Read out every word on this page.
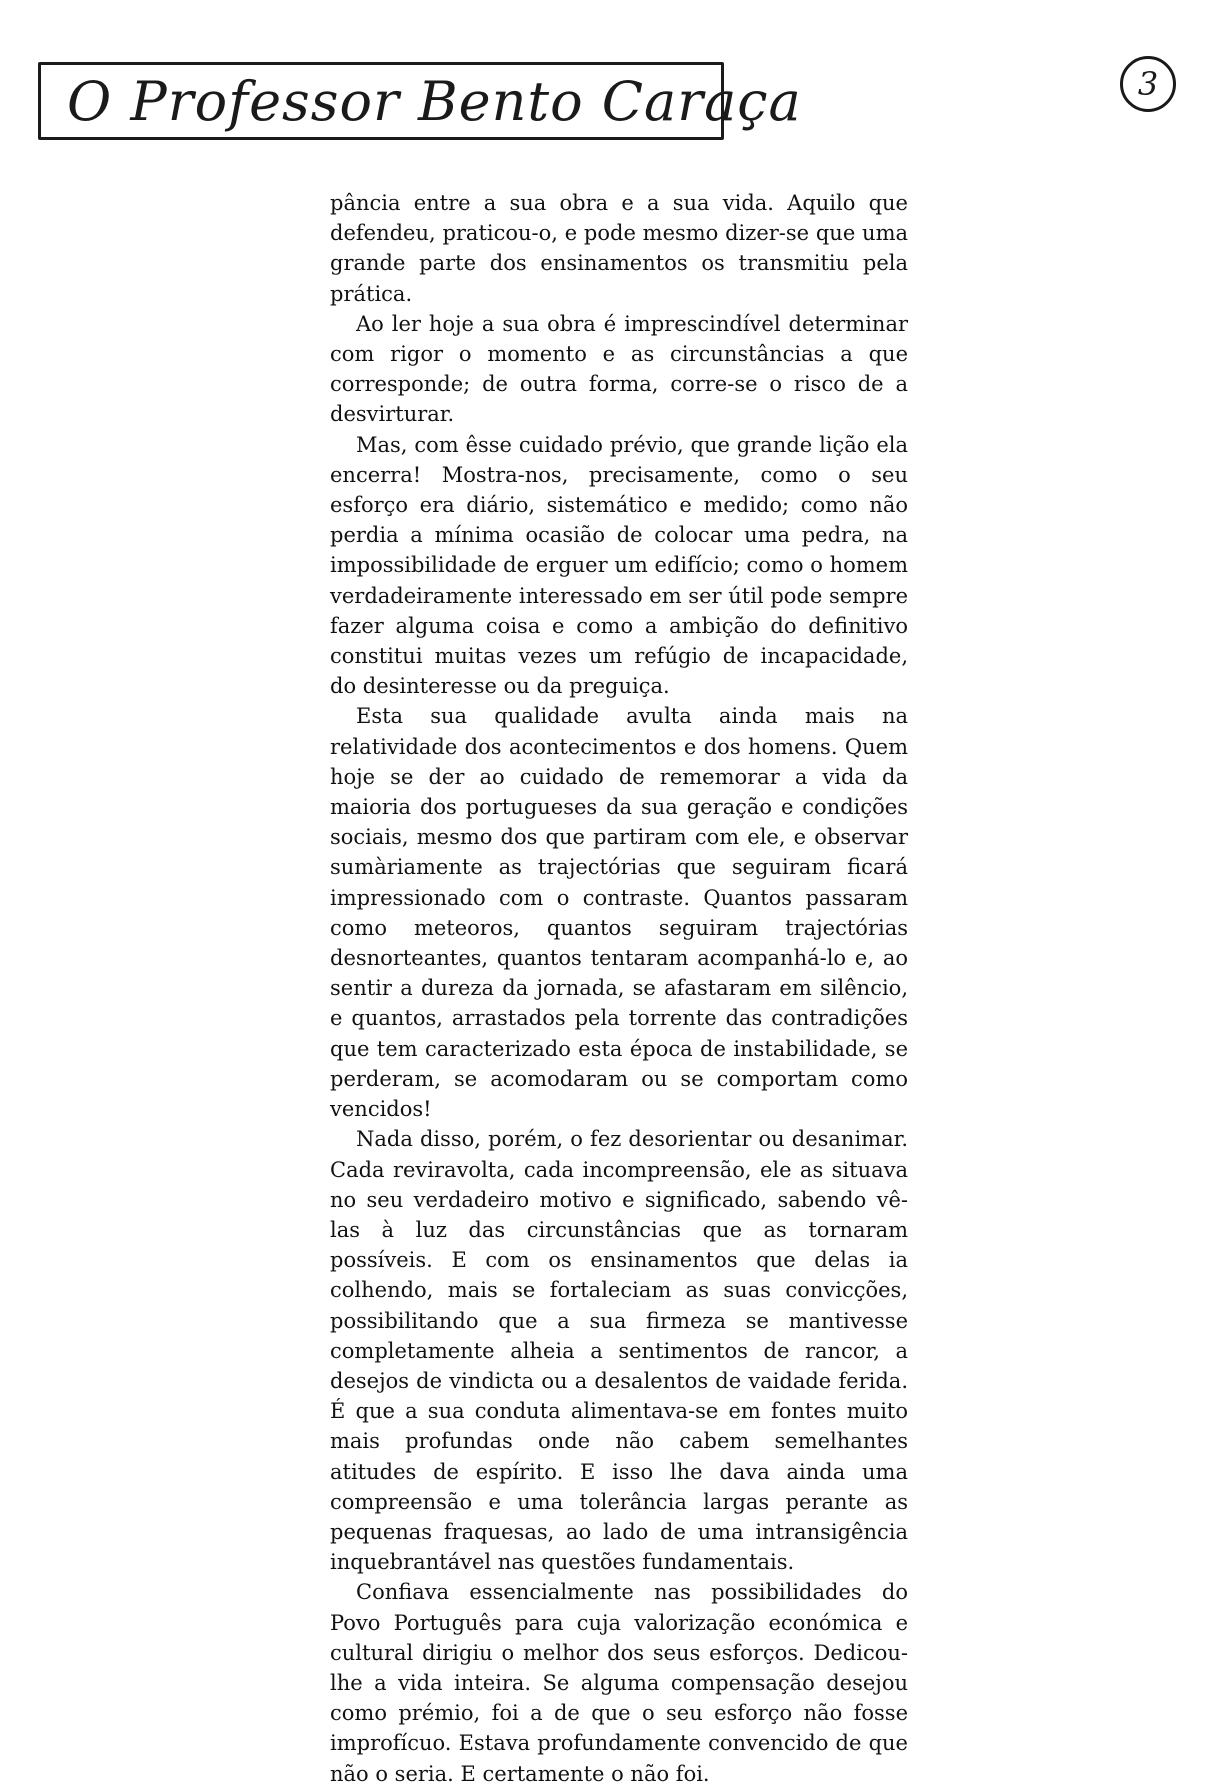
O Professor Bento Caraça	3

pância entre a sua obra e a sua vida. Aquilo que defendeu, praticou-o, e pode mesmo dizer-se que uma grande parte dos ensinamentos os transmitiu pela prática.

Ao ler hoje a sua obra é imprescindível determinar com rigor o momento e as circunstâncias a que corresponde; de outra forma, corre-se o risco de a desvirturar.

Mas, com êsse cuidado prévio, que grande lição ela encerra! Mostra-nos, precisamente, como o seu esforço era diário, sistemático e medido; como não perdia a mínima ocasião de colocar uma pedra, na impossibilidade de erguer um edifício; como o homem verdadeiramente interessado em ser útil pode sempre fazer alguma coisa e como a ambição do definitivo constitui muitas vezes um refúgio de incapacidade, do desinteresse ou da preguiça.

Esta sua qualidade avulta ainda mais na relatividade dos acontecimentos e dos homens. Quem hoje se der ao cuidado de rememorar a vida da maioria dos portugueses da sua geração e condições sociais, mesmo dos que partiram com ele, e observar sumàriamente as trajectórias que seguiram ficará impressionado com o contraste. Quantos passaram como meteoros, quantos seguiram trajectórias desnorteantes, quantos tentaram acompanhá-lo e, ao sentir a dureza da jornada, se afastaram em silêncio, e quantos, arrastados pela torrente das contradições que tem caracterizado esta época de instabilidade, se perderam, se acomodaram ou se comportam como vencidos!

Nada disso, porém, o fez desorientar ou desanimar. Cada reviravolta, cada incompreensão, ele as situava no seu verdadeiro motivo e significado, sabendo vê-las à luz das circunstâncias que as tornaram possíveis. E com os ensinamentos que delas ia colhendo, mais se fortaleciam as suas convicções, possibilitando que a sua firmeza se mantivesse completamente alheia a sentimentos de rancor, a desejos de vindicta ou a desalentos de vaidade ferida. É que a sua conduta alimentava-se em fontes muito mais profundas onde não cabem semelhantes atitudes de espírito. E isso lhe dava ainda uma compreensão e uma tolerância largas perante as pequenas fraquesas, ao lado de uma intransigência inquebrantável nas questões fundamentais.

Confiava essencialmente nas possibilidades do Povo Português para cuja valorização económica e cultural dirigiu o melhor dos seus esforços. Dedicou-lhe a vida inteira. Se alguma compensação desejou como prémio, foi a de que o seu esforço não fosse improfícuo. Estava profundamente convencido de que não o seria. E certamente o não foi.
